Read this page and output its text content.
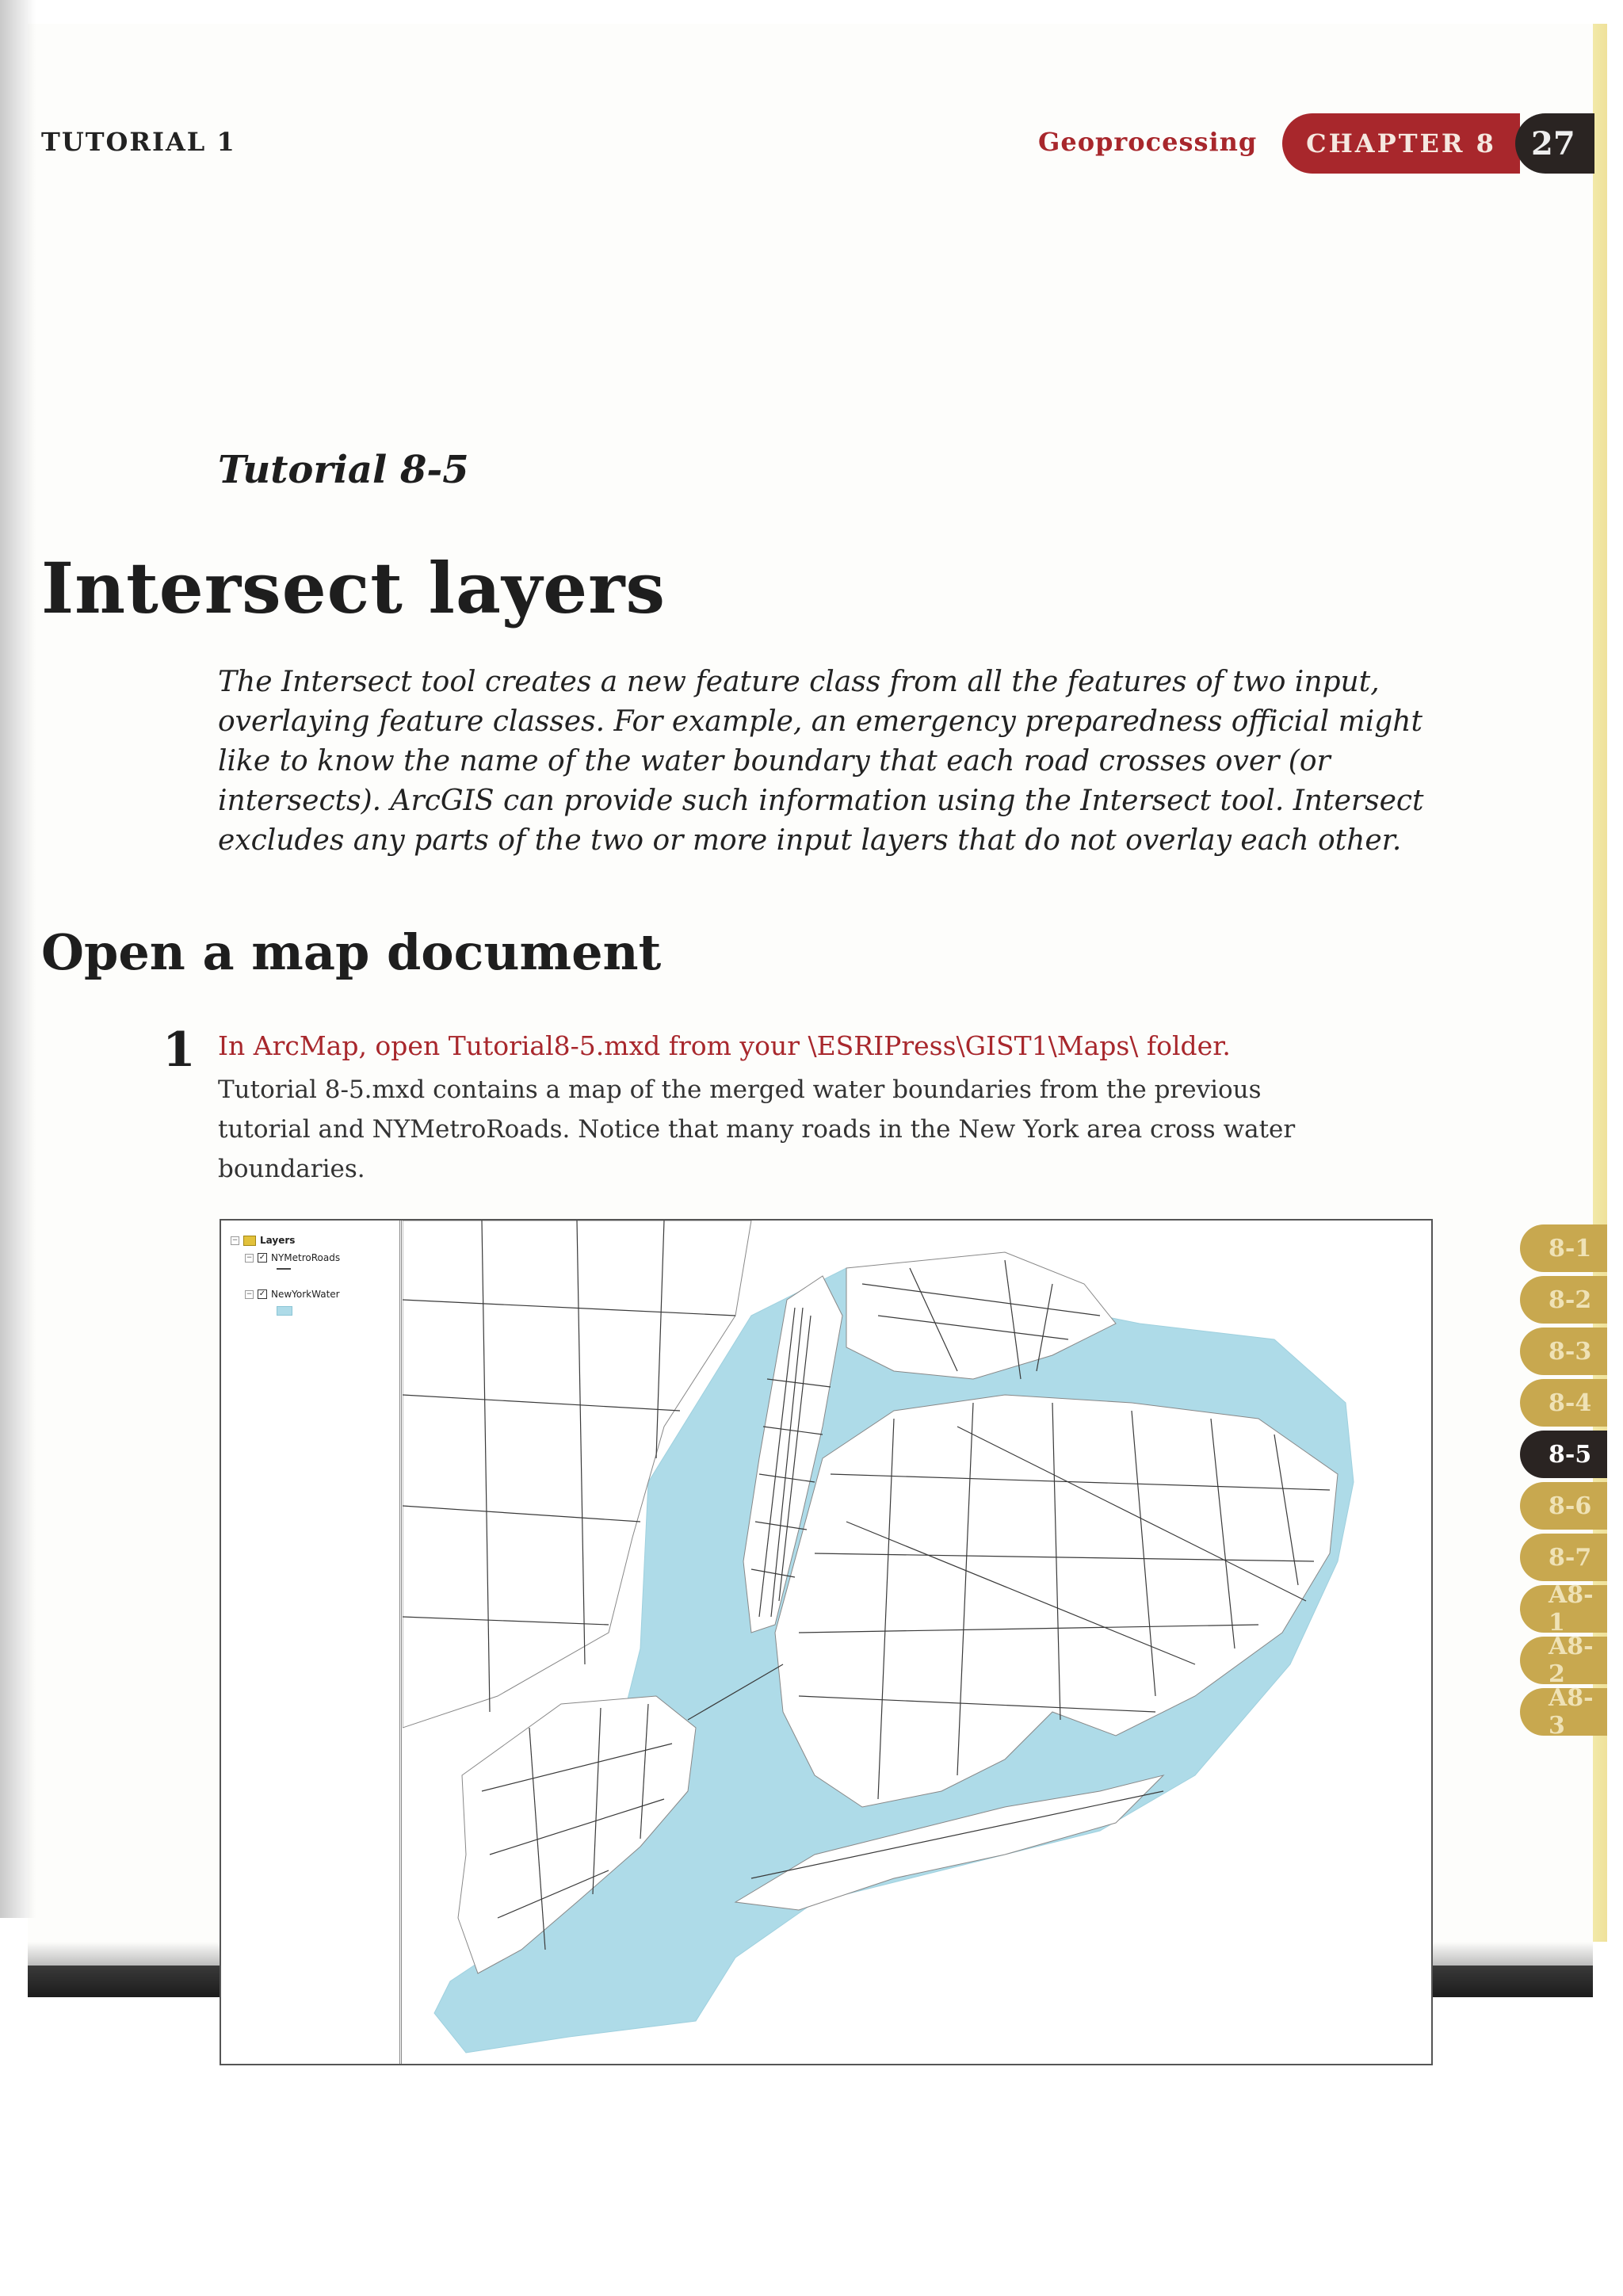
TUTORIAL 1	Geoprocessing	CHAPTER 8	27
Tutorial 8-5
Intersect layers
The Intersect tool creates a new feature class from all the features of two input, overlaying feature classes. For example, an emergency preparedness official might like to know the name of the water boundary that each road crosses over (or intersects). ArcGIS can provide such information using the Intersect tool. Intersect excludes any parts of the two or more input layers that do not overlay each other.
Open a map document
1 In ArcMap, open Tutorial8-5.mxd from your \ESRIPress\GIST1\Maps\ folder.
Tutorial 8-5.mxd contains a map of the merged water boundaries from the previous tutorial and NYMetroRoads. Notice that many roads in the New York area cross water boundaries.
− Layers
− ✓ NYMetroRoads
− ✓ NewYorkWater
8-1
8-2
8-3
8-4
8-5
8-6
8-7
A8-1
A8-2
A8-3
